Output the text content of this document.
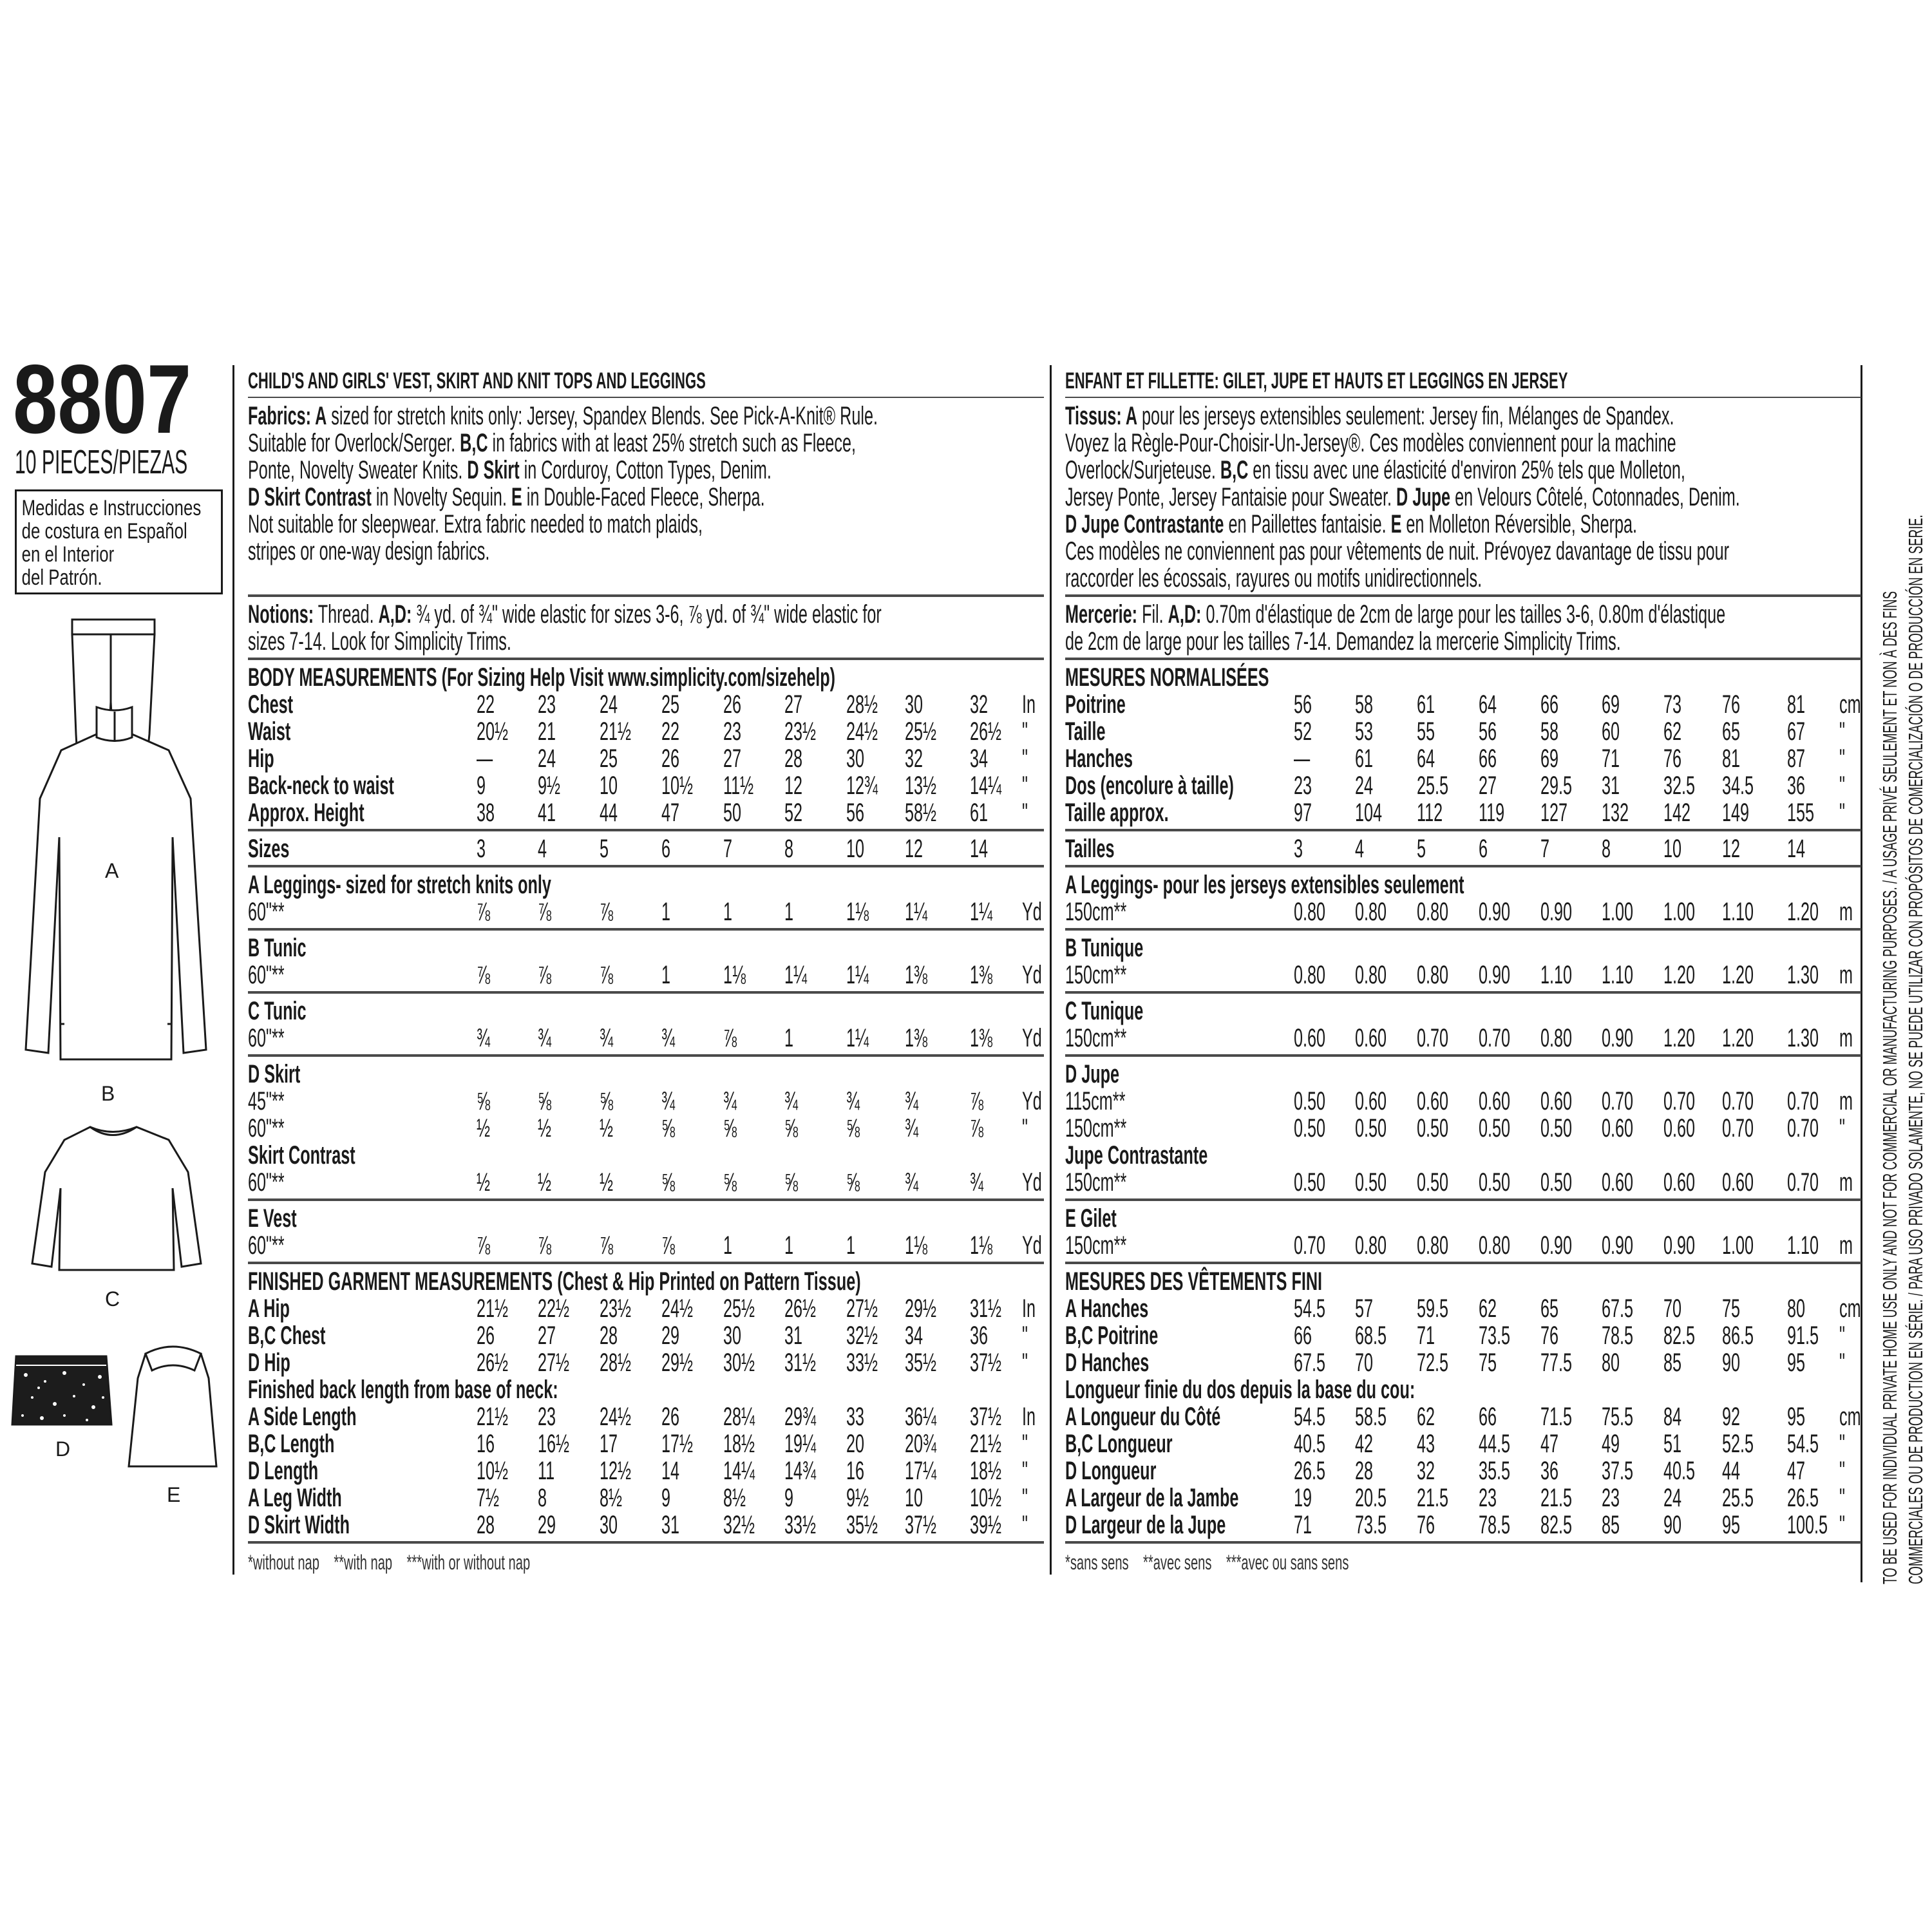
8807
10 PIECES/PIEZAS
Medidas e Instrucciones
de costura en Español
en el Interior
del Patrón.
A
B
C
D
E
CHILD'S AND GIRLS' VEST, SKIRT AND KNIT TOPS AND LEGGINGS
Fabrics: A sized for stretch knits only: Jersey, Spandex Blends. See Pick-A-Knit® Rule.
Suitable for Overlock/Serger. B,C in fabrics with at least 25% stretch such as Fleece,
Ponte, Novelty Sweater Knits. D Skirt in Corduroy, Cotton Types, Denim.
D Skirt Contrast in Novelty Sequin. E in Double-Faced Fleece, Sherpa.
Not suitable for sleepwear. Extra fabric needed to match plaids,
stripes or one-way design fabrics.
Notions: Thread. A,D: ¾ yd. of ¾" wide elastic for sizes 3-6, ⅞ yd. of ¾" wide elastic for
sizes 7-14. Look for Simplicity Trims.
BODY MEASUREMENTS (For Sizing Help Visit www.simplicity.com/sizehelp)
Chest	22 23 24 25 26 27 28½ 30 32 In
Waist	20½ 21 21½ 22 23 23½ 24½ 25½ 26½ "
Hip	— 24 25 26 27 28 30 32 34 "
Back-neck to waist	9 9½ 10 10½ 11½ 12 12¾ 13½ 14¼ "
Approx. Height	38 41 44 47 50 52 56 58½ 61 "
Sizes	3 4 5 6 7 8 10 12 14
A Leggings- sized for stretch knits only
60"**	⅞ ⅞ ⅞ 1 1 1 1⅛ 1¼ 1¼ Yd
B Tunic
60"**	⅞ ⅞ ⅞ 1 1⅛ 1¼ 1¼ 1⅜ 1⅜ Yd
C Tunic
60"**	¾ ¾ ¾ ¾ ⅞ 1 1¼ 1⅜ 1⅜ Yd
D Skirt
45"**	⅝ ⅝ ⅝ ¾ ¾ ¾ ¾ ¾ ⅞ Yd
60"**	½ ½ ½ ⅝ ⅝ ⅝ ⅝ ¾ ⅞ "
Skirt Contrast
60"**	½ ½ ½ ⅝ ⅝ ⅝ ⅝ ¾ ¾ Yd
E Vest
60"**	⅞ ⅞ ⅞ ⅞ 1 1 1 1⅛ 1⅛ Yd
FINISHED GARMENT MEASUREMENTS (Chest & Hip Printed on Pattern Tissue)
A Hip	21½ 22½ 23½ 24½ 25½ 26½ 27½ 29½ 31½ In
B,C Chest	26 27 28 29 30 31 32½ 34 36 "
D Hip	26½ 27½ 28½ 29½ 30½ 31½ 33½ 35½ 37½ "
Finished back length from base of neck:
A Side Length	21½ 23 24½ 26 28¼ 29¾ 33 36¼ 37½ In
B,C Length	16 16½ 17 17½ 18½ 19¼ 20 20¾ 21½ "
D Length	10½ 11 12½ 14 14¼ 14¾ 16 17¼ 18½ "
A Leg Width	7½ 8 8½ 9 8½ 9 9½ 10 10½ "
D Skirt Width	28 29 30 31 32½ 33½ 35½ 37½ 39½ "
*without nap    **with nap    ***with or without nap
ENFANT ET FILLETTE: GILET, JUPE ET HAUTS ET LEGGINGS EN JERSEY
Tissus: A pour les jerseys extensibles seulement: Jersey fin, Mélanges de Spandex.
Voyez la Règle-Pour-Choisir-Un-Jersey®. Ces modèles conviennent pour la machine
Overlock/Surjeteuse. B,C en tissu avec une élasticité d'environ 25% tels que Molleton,
Jersey Ponte, Jersey Fantaisie pour Sweater. D Jupe en Velours Côtelé, Cotonnades, Denim.
D Jupe Contrastante en Paillettes fantaisie. E en Molleton Réversible, Sherpa.
Ces modèles ne conviennent pas pour vêtements de nuit. Prévoyez davantage de tissu pour
raccorder les écossais, rayures ou motifs unidirectionnels.
Mercerie: Fil. A,D: 0.70m d'élastique de 2cm de large pour les tailles 3-6, 0.80m d'élastique
de 2cm de large pour les tailles 7-14. Demandez la mercerie Simplicity Trims.
MESURES NORMALISÉES
Poitrine	56 58 61 64 66 69 73 76 81 cm
Taille	52 53 55 56 58 60 62 65 67 "
Hanches	— 61 64 66 69 71 76 81 87 "
Dos (encolure à taille) 23 24 25.5 27 29.5 31 32.5 34.5 36 "
Taille approx.	97 104 112 119 127 132 142 149 155 "
Tailles	3 4 5 6 7 8 10 12 14
A Leggings- pour les jerseys extensibles seulement
150cm**	0.80 0.80 0.80 0.90 0.90 1.00 1.00 1.10 1.20 m
B Tunique
150cm**	0.80 0.80 0.80 0.90 1.10 1.10 1.20 1.20 1.30 m
C Tunique
150cm**	0.60 0.60 0.70 0.70 0.80 0.90 1.20 1.20 1.30 m
D Jupe
115cm**	0.50 0.60 0.60 0.60 0.60 0.70 0.70 0.70 0.70 m
150cm**	0.50 0.50 0.50 0.50 0.50 0.60 0.60 0.70 0.70 "
Jupe Contrastante
150cm**	0.50 0.50 0.50 0.50 0.50 0.60 0.60 0.60 0.70 m
E Gilet
150cm**	0.70 0.80 0.80 0.80 0.90 0.90 0.90 1.00 1.10 m
MESURES DES VÊTEMENTS FINI
A Hanches	54.5 57 59.5 62 65 67.5 70 75 80 cm
B,C Poitrine	66 68.5 71 73.5 76 78.5 82.5 86.5 91.5 "
D Hanches	67.5 70 72.5 75 77.5 80 85 90 95 "
Longueur finie du dos depuis la base du cou:
A Longueur du Côté	54.5 58.5 62 66 71.5 75.5 84 92 95 cm
B,C Longueur	40.5 42 43 44.5 47 49 51 52.5 54.5 "
D Longueur	26.5 28 32 35.5 36 37.5 40.5 44 47 "
A Largeur de la Jambe 19 20.5 21.5 23 21.5 23 24 25.5 26.5 "
D Largeur de la Jupe	71 73.5 76 78.5 82.5 85 90 95 100.5 "
*sans sens    **avec sens    ***avec ou sans sens	TO BE USED FOR INDIVIDUAL PRIVATE HOME USE ONLY AND NOT FOR COMMERCIAL OR MANUFACTURING PURPOSES. / A USAGE PRIVÉ SEULEMENT ET NON À DES FINS COMMERCIALES OU DE PRODUCTION EN SÉRIE. / PARA USO PRIVADO SOLAMENTE, NO SE PUEDE UTILIZAR CON PROPÓSITOS DE COMERCIALIZACIÓN O DE PRODUCCIÓN EN SERIE.
